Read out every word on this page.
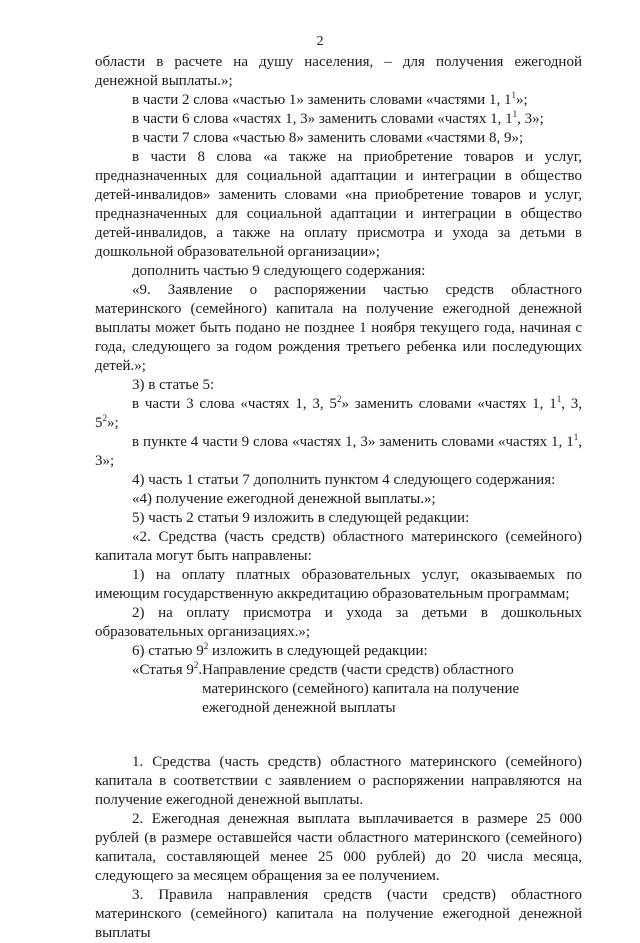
2

области в расчете на душу населения, – для получения ежегодной денежной выплаты.»;

в части 2 слова «частью 1» заменить словами «частями 1, $1^1$»;

в части 6 слова «частях 1, 3» заменить словами «частях 1, $1^1$, 3»;

в части 7 слова «частью 8» заменить словами «частями 8, 9»;

в части 8 слова «а также на приобретение товаров и услуг, предназначенных для социальной адаптации и интеграции в общество детей-инвалидов» заменить словами «на приобретение товаров и услуг, предназначенных для социальной адаптации и интеграции в общество детей-инвалидов, а также на оплату присмотра и ухода за детьми в дошкольной образовательной организации»;

дополнить частью 9 следующего содержания:

«9. Заявление о распоряжении частью средств областного материнского (семейного) капитала на получение ежегодной денежной выплаты может быть подано не позднее 1 ноября текущего года, начиная с года, следующего за годом рождения третьего ребенка или последующих детей.»;

3) в статье 5:

в части 3 слова «частях 1, 3, $5^2$» заменить словами «частях 1, $1^1$, 3, $5^2$»;

в пункте 4 части 9 слова «частях 1, 3» заменить словами «частях 1, $1^1$, 3»;

4) часть 1 статьи 7 дополнить пунктом 4 следующего содержания:

«4) получение ежегодной денежной выплаты.»;

5) часть 2 статьи 9 изложить в следующей редакции:

«2. Средства (часть средств) областного материнского (семейного) капитала могут быть направлены:

1) на оплату платных образовательных услуг, оказываемых по имеющим государственную аккредитацию образовательным программам;

2) на оплату присмотра и ухода за детьми в дошкольных образовательных организациях.»;

6) статью $9^2$ изложить в следующей редакции:

«Статья $9^2$. Направление средств (части средств) областного материнского (семейного) капитала на получение ежегодной денежной выплаты

1. Средства (часть средств) областного материнского (семейного) капитала в соответствии с заявлением о распоряжении направляются на получение ежегодной денежной выплаты.

2. Ежегодная денежная выплата выплачивается в размере 25 000 рублей (в размере оставшейся части областного материнского (семейного) капитала, составляющей менее 25 000 рублей) до 20 числа месяца, следующего за месяцем обращения за ее получением.

3. Правила направления средств (части средств) областного материнского (семейного) капитала на получение ежегодной денежной выплаты
